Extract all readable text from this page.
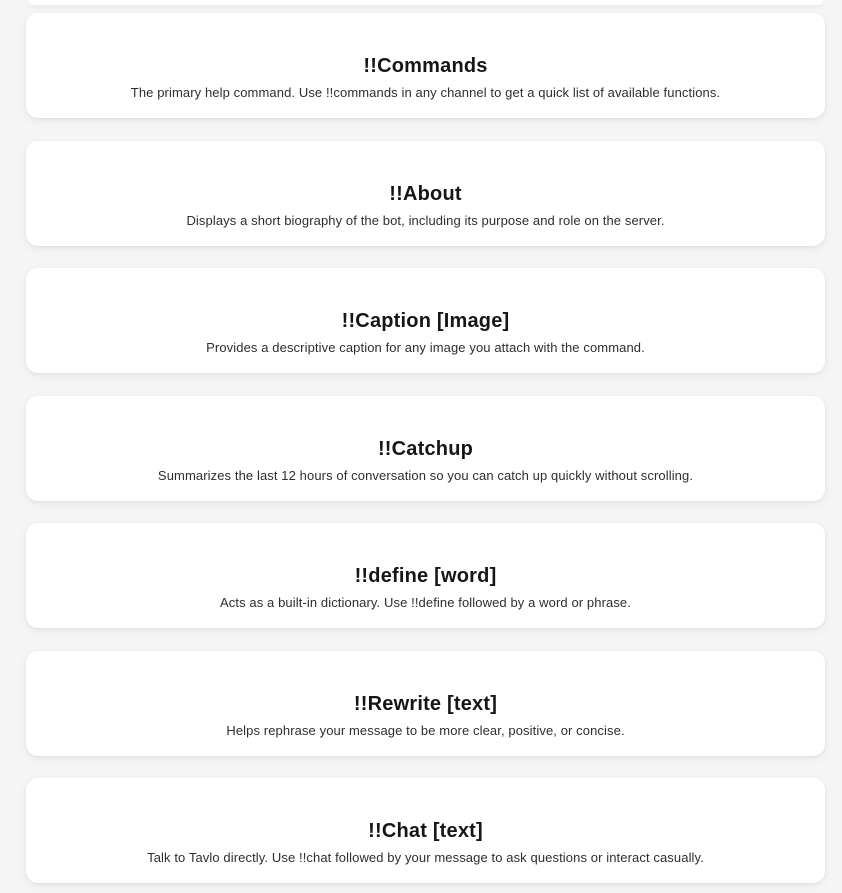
!!Commands

The primary help command. Use !!commands in any channel to get a quick list of available functions.

!!About

Displays a short biography of the bot, including its purpose and role on the server.

!!Caption [Image]

Provides a descriptive caption for any image you attach with the command.

!!Catchup

Summarizes the last 12 hours of conversation so you can catch up quickly without scrolling.

!!define [word]

Acts as a built-in dictionary. Use !!define followed by a word or phrase.

!!Rewrite [text]

Helps rephrase your message to be more clear, positive, or concise.

!!Chat [text]

Talk to Tavlo directly. Use !!chat followed by your message to ask questions or interact casually.
